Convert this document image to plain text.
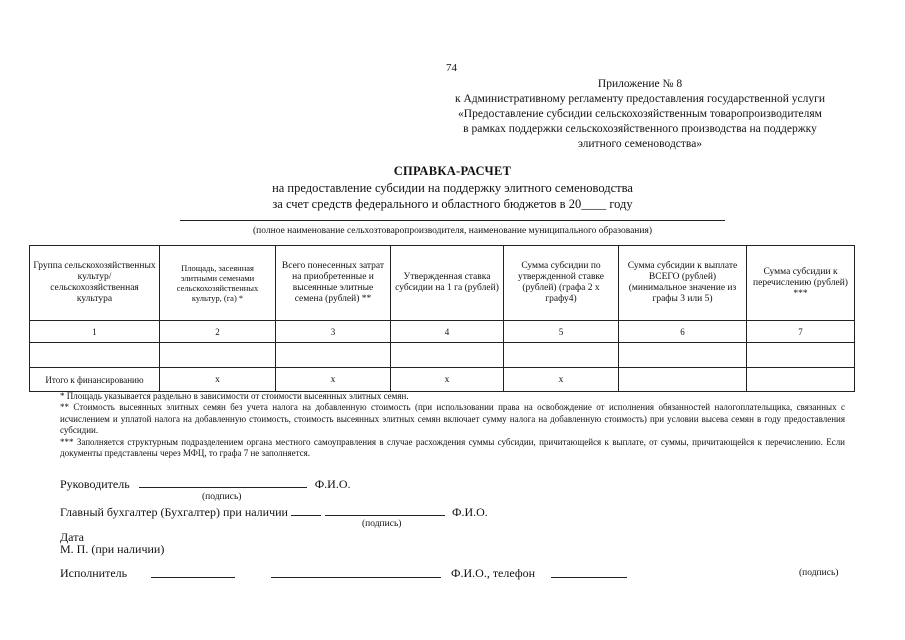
74
Приложение № 8
к Административному регламенту предоставления государственной услуги
«Предоставление субсидии сельскохозяйственным товаропроизводителям
в рамках поддержки сельскохозяйственного производства на поддержку
элитного семеноводства»
СПРАВКА-РАСЧЕТ
на предоставление субсидии на поддержку элитного семеноводства
за счет средств федерального и областного бюджетов в 20____ году
(полное наименование сельхозтоваропроизводителя, наименование муниципального образования)
Группа сельскохозяйственных культур/ сельскохозяйственная культура	Площадь, засеянная элитными семенами сельскохозяйственных культур, (га) *	Всего понесенных затрат на приобретенные и высеянные элитные семена (рублей) **	Утвержденная ставка субсидии на 1 га (рублей)	Сумма субсидии по утвержденной ставке (рублей) (графа 2 х графу4)	Сумма субсидии к выплате ВСЕГО (рублей) (минимальное значение из графы 3 или 5)	Сумма субсидии к перечислению (рублей) ***
1	2	3	4	5	6	7

Итого к финансированию	х	х	х	х		

* Площадь указывается раздельно в зависимости от стоимости высеянных элитных семян.

** Стоимость высеянных элитных семян без учета налога на добавленную стоимость (при использовании права на освобождение от исполнения обязанностей налогоплательщика, связанных с исчислением и уплатой налога на добавленную стоимость, стоимость высеянных элитных семян включает сумму налога на добавленную стоимость) при условии высева семян в году предоставления субсидии.

*** Заполняется структурным подразделением органа местного самоуправления в случае расхождения суммы субсидии, причитающейся к выплате, от суммы, причитающейся к перечислению. Если документы представлены через МФЦ, то графа 7 не заполняется.

Руководитель	Ф.И.О.
(подпись)
Главный бухгалтер (Бухгалтер) при наличии	Ф.И.О.
(подпись)
Дата
М. П. (при наличии)
Исполнитель	Ф.И.О., телефон	(подпись)
